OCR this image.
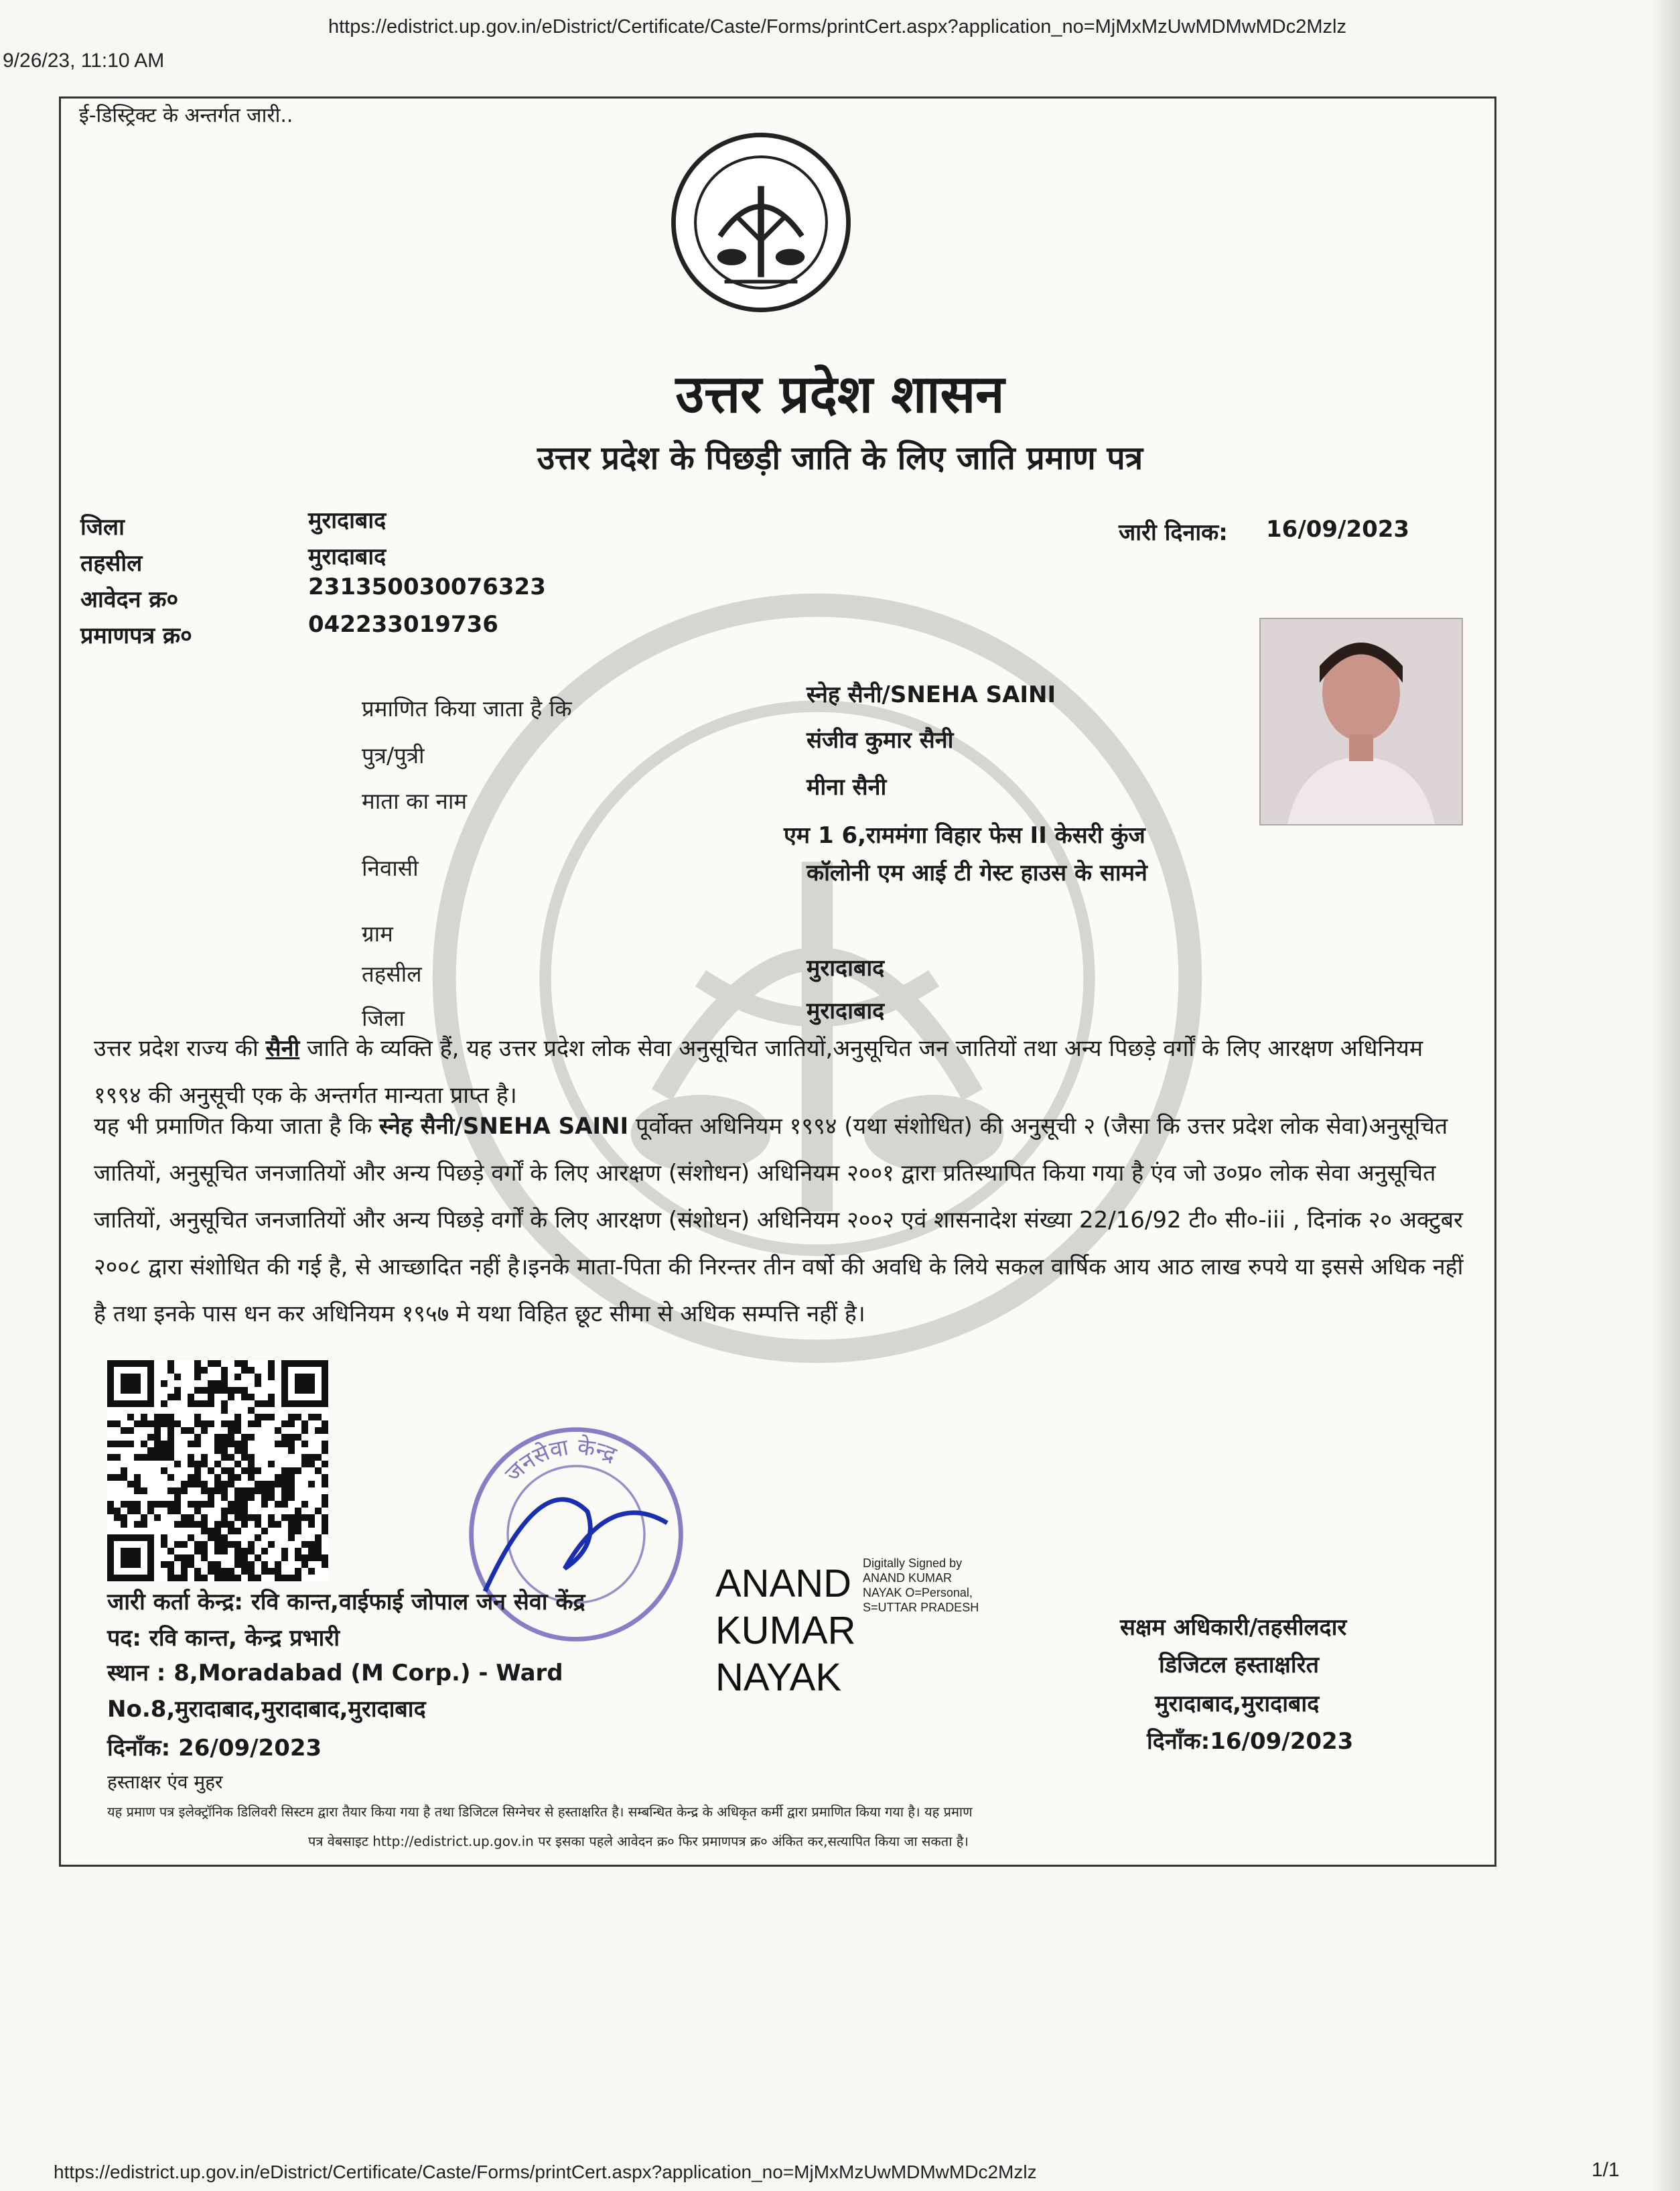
9/26/23, 11:10 AM
https://edistrict.up.gov.in/eDistrict/Certificate/Caste/Forms/printCert.aspx?application_no=MjMxMzUwMDMwMDc2Mzlz
https://edistrict.up.gov.in/eDistrict/Certificate/Caste/Forms/printCert.aspx?application_no=MjMxMzUwMDMwMDc2Mzlz	1/1
ई-डिस्ट्रिक्ट के अन्तर्गत जारी..
उत्तर प्रदेश शासन
उत्तर प्रदेश के पिछड़ी जाति के लिए जाति प्रमाण पत्र
जिला	मुरादाबाद
तहसील	मुरादाबाद
आवेदन क्र०	231350030076323
प्रमाणपत्र क्र०	042233019736
जारी दिनाक: 16/09/2023
प्रमाणित किया जाता है कि
स्नेह सैनी/SNEHA SAINI
पुत्र/पुत्री
संजीव कुमार सैनी
माता का नाम
मीना सैनी
निवासी
एम 1 6,राममंगा विहार फेस II केसरी कुंज
कॉलोनी एम आई टी गेस्ट हाउस के सामने
ग्राम
तहसील	मुरादाबाद
जिला	मुरादाबाद
उत्तर प्रदेश राज्य की सैनी जाति के व्यक्ति हैं, यह उत्तर प्रदेश लोक सेवा अनुसूचित जातियों,अनुसूचित जन जातियों तथा अन्य पिछड़े वर्गों के लिए आरक्षण अधिनियम १९९४ की अनुसूची एक के अन्तर्गत मान्यता प्राप्त है।
यह भी प्रमाणित किया जाता है कि स्नेह सैनी/SNEHA SAINI पूर्वोक्त अधिनियम १९९४ (यथा संशोधित) की अनुसूची २ (जैसा कि उत्तर प्रदेश लोक सेवा)अनुसूचित जातियों, अनुसूचित जनजातियों और अन्य पिछड़े वर्गों के लिए आरक्षण (संशोधन) अधिनियम २००१ द्वारा प्रतिस्थापित किया गया है एंव जो उ०प्र० लोक सेवा अनुसूचित जातियों, अनुसूचित जनजातियों और अन्य पिछड़े वर्गों के लिए आरक्षण (संशोधन) अधिनियम २००२ एवं शासनादेश संख्या 22/16/92 टी० सी०-iii , दिनांक २० अक्टुबर २००८ द्वारा संशोधित की गई है, से आच्छादित नहीं है।इनके माता-पिता की निरन्तर तीन वर्षो की अवधि के लिये सकल वार्षिक आय आठ लाख रुपये या इससे अधिक नहीं है तथा इनके पास धन कर अधिनियम १९५७ मे यथा विहित छूट सीमा से अधिक सम्पत्ति नहीं है।
जनसेवा केन्द्र
जारी कर्ता केन्द्र: रवि कान्त,वाईफाई जोपाल जन सेवा केंद्र
पद: रवि कान्त, केन्द्र प्रभारी
स्थान : 8,Moradabad (M Corp.) - Ward
No.8,मुरादाबाद,मुरादाबाद,मुरादाबाद
दिनाँक: 26/09/2023
हस्ताक्षर एंव मुहर
ANAND
KUMAR
NAYAK
Digitally Signed by
ANAND KUMAR
NAYAK O=Personal,
S=UTTAR PRADESH
सक्षम अधिकारी/तहसीलदार
डिजिटल हस्ताक्षरित
मुरादाबाद,मुरादाबाद
दिनाँक:16/09/2023
यह प्रमाण पत्र इलेक्ट्रॉनिक डिलिवरी सिस्टम द्वारा तैयार किया गया है तथा डिजिटल सिग्नेचर से हस्ताक्षरित है। सम्बन्धित केन्द्र के अधिकृत कर्मी द्वारा प्रमाणित किया गया है। यह प्रमाण
पत्र वेबसाइट http://edistrict.up.gov.in पर इसका पहले आवेदन क्र० फिर प्रमाणपत्र क्र० अंकित कर,सत्यापित किया जा सकता है।
